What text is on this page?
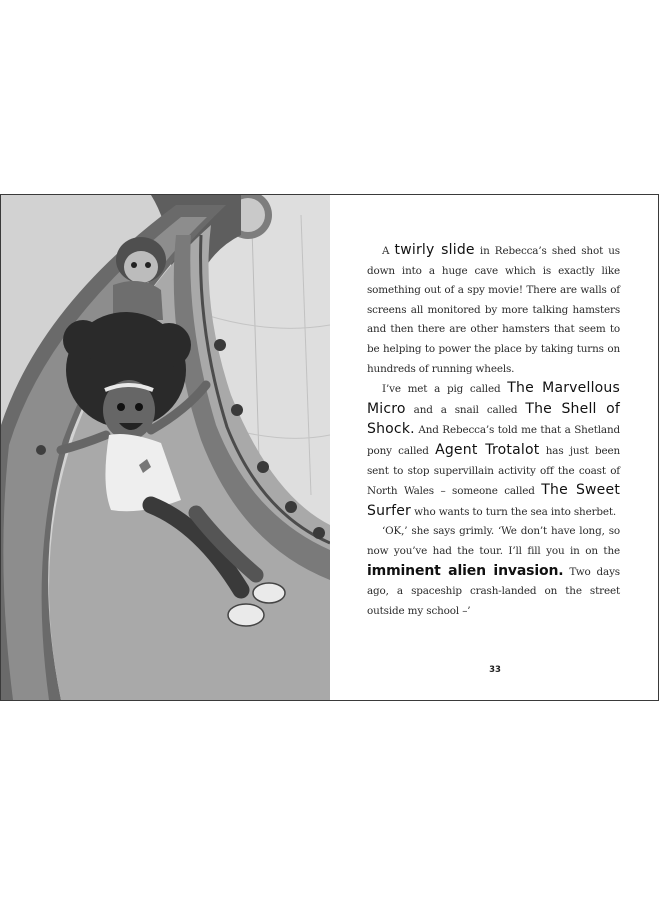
A twirly slide in Rebecca’s shed shot us down into a huge cave which is exactly like something out of a spy movie! There are walls of screens all monitored by more talking hamsters and then there are other hamsters that seem to be helping to power the place by taking turns on hundreds of running wheels.

I’ve met a pig called The Marvellous Micro and a snail called The Shell of Shock. And Rebecca’s told me that a Shetland pony called Agent Trotalot has just been sent to stop supervillain activity off the coast of North Wales – someone called The Sweet Surfer who wants to turn the sea into sherbet.

‘OK,’ she says grimly. ‘We don’t have long, so now you’ve had the tour. I’ll fill you in on the imminent alien invasion. Two days ago, a spaceship crash-landed on the street outside my school –’

33
